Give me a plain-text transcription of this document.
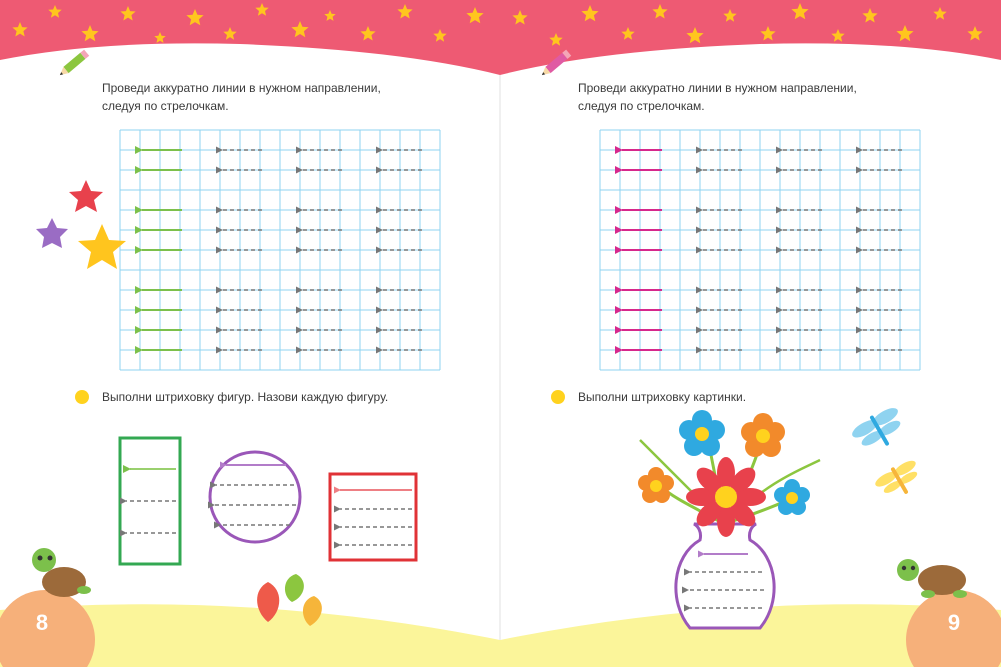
8	9
Проведи аккуратно линии в нужном направлении,
следуя по стрелочкам.
Выполни штриховку фигур. Назови каждую фигуру.
Проведи аккуратно линии в нужном направлении,
следуя по стрелочкам.
Выполни штриховку картинки.
